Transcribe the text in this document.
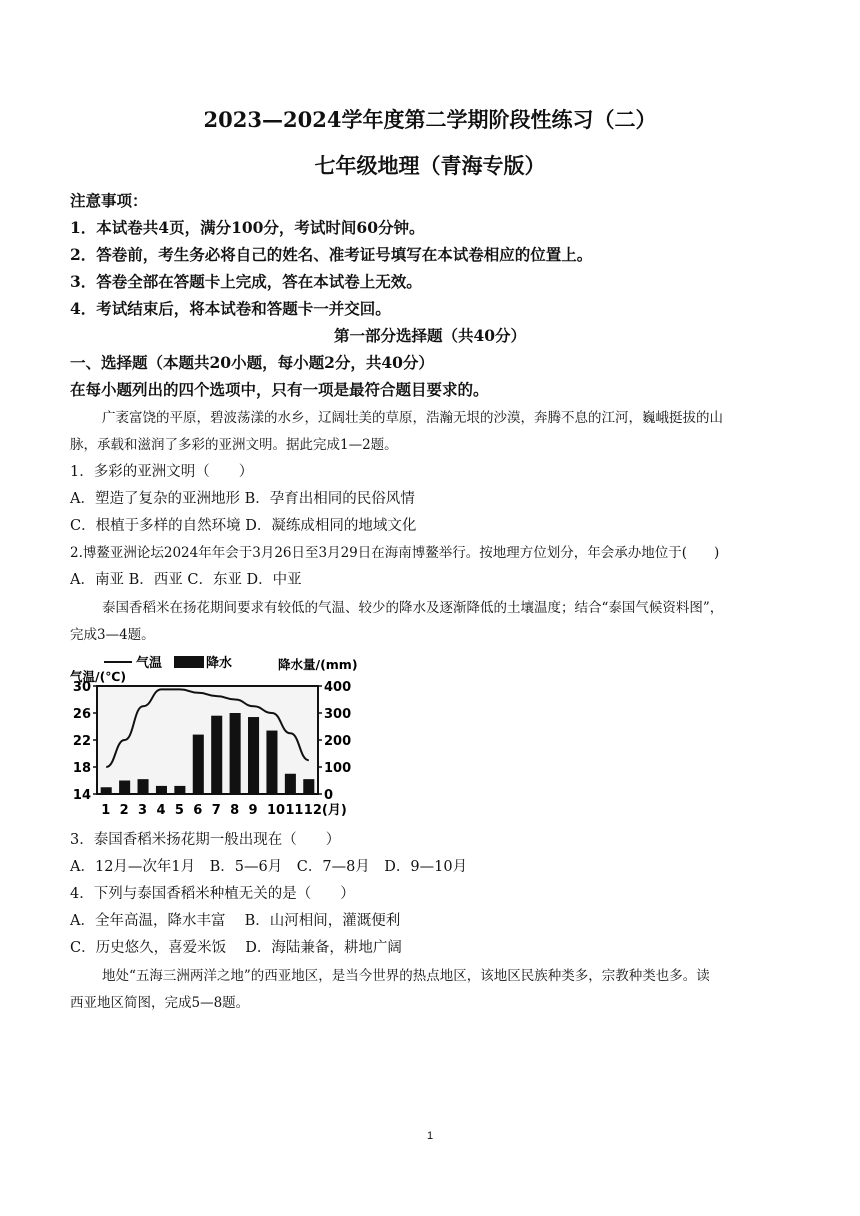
2023—2024学年度第二学期阶段性练习（二）
七年级地理（青海专版）
注意事项：
1．本试卷共4页，满分100分，考试时间60分钟。
2．答卷前，考生务必将自己的姓名、准考证号填写在本试卷相应的位置上。
3．答卷全部在答题卡上完成，答在本试卷上无效。
4．考试结束后，将本试卷和答题卡一并交回。
第一部分选择题（共40分）
一、选择题（本题共20小题，每小题2分，共40分）
在每小题列出的四个选项中，只有一项是最符合题目要求的。
广袤富饶的平原，碧波荡漾的水乡，辽阔壮美的草原，浩瀚无垠的沙漠，奔腾不息的江河，巍峨挺拔的山
脉，承载和滋润了多彩的亚洲文明。据此完成1—2题。
1．多彩的亚洲文明（　　）
A．塑造了复杂的亚洲地形 B．孕育出相同的民俗风情
C．根植于多样的自然环境 D．凝练成相同的地域文化
2.博鳌亚洲论坛2024年年会于3月26日至3月29日在海南博鳌举行。按地理方位划分，年会承办地位于(　　)
A．南亚 B．西亚 C．东亚 D．中亚
泰国香稻米在扬花期间要求有较低的气温、较少的降水及逐渐降低的土壤温度；结合“泰国气候资料图”，
完成3—4题。
30
26
22
18
14
400
300
200
100
0
1 2 3 4 5 6 7 8 9 10 11 12(月)
气温	降水
气温/(℃)
降水量/(mm)
3．泰国香稻米扬花期一般出现在（　　）
A．12月—次年1月　B．5—6月　C．7—8月　D．9—10月
4．下列与泰国香稻米种植无关的是（　　）
A．全年高温，降水丰富　 B．山河相间，灌溉便利
C．历史悠久，喜爱米饭　 D．海陆兼备，耕地广阔
地处“五海三洲两洋之地”的西亚地区，是当今世界的热点地区，该地区民族种类多，宗教种类也多。读
西亚地区简图，完成5—8题。
1
